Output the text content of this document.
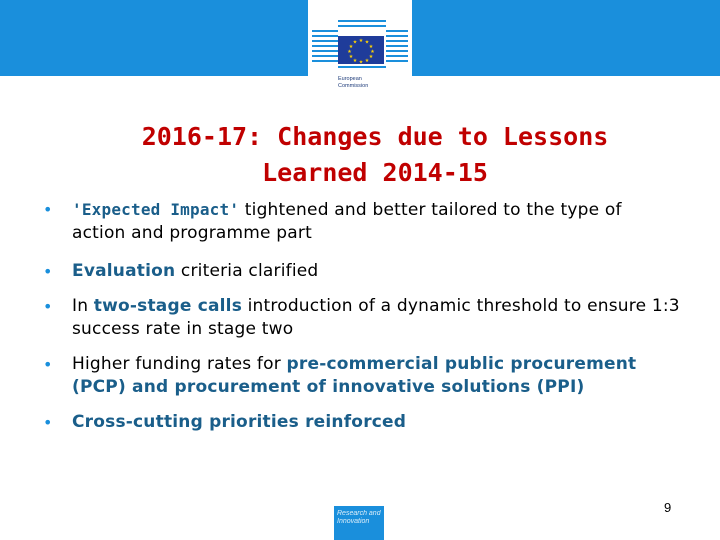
★ ★
★
★
★
★
★
★
★
★
★
★
European
Commission
2016-17: Changes due to Lessons
Learned 2014-15
• 'Expected Impact' tightened and better tailored to the type of action and programme part
• Evaluation criteria clarified
• In two-stage calls introduction of a dynamic threshold to ensure 1:3 success rate in stage two
• Higher funding rates for pre-commercial public procurement (PCP) and procurement of innovative solutions (PPI)
• Cross-cutting priorities reinforced
9
Research and
Innovation
